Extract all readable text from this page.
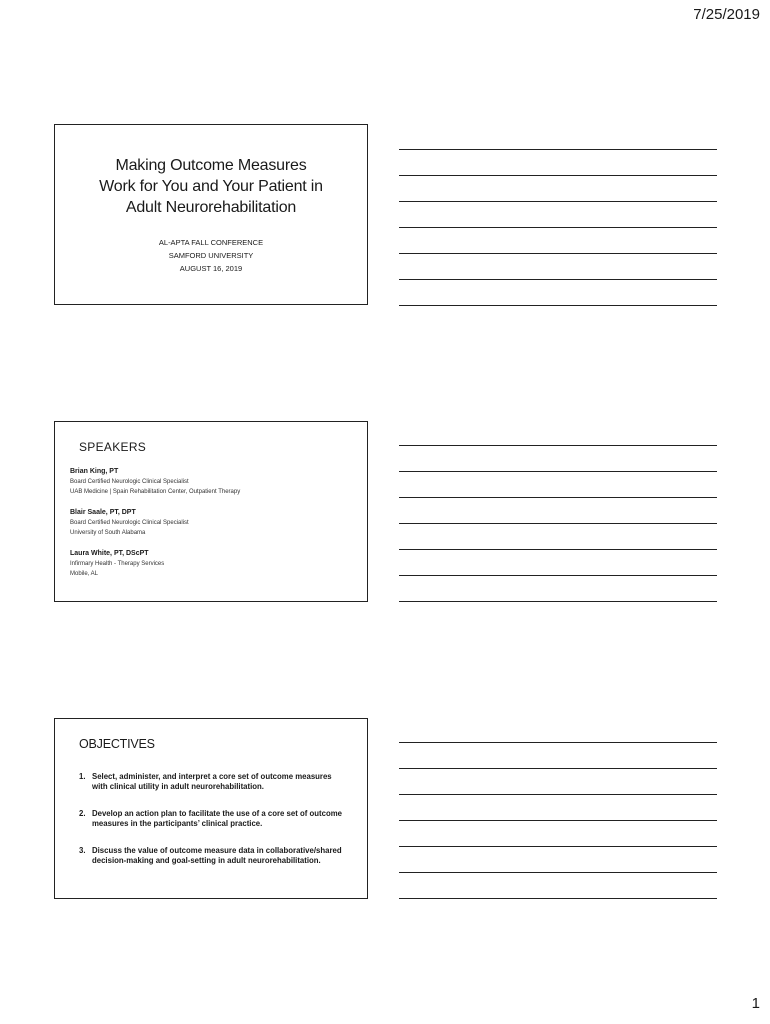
7/25/2019
Making Outcome Measures
Work for You and Your Patient in
Adult Neurorehabilitation
AL-APTA FALL CONFERENCE
SAMFORD UNIVERSITY
AUGUST 16, 2019
SPEAKERS
Brian King, PT
Board Certified Neurologic Clinical Specialist
UAB Medicine | Spain Rehabilitation Center, Outpatient Therapy
Blair Saale, PT, DPT
Board Certified Neurologic Clinical Specialist
University of South Alabama
Laura White, PT, DScPT
Infirmary Health - Therapy Services
Mobile, AL
OBJECTIVES
1. Select, administer, and interpret a core set of outcome measures with clinical utility in adult neurorehabilitation.
2. Develop an action plan to facilitate the use of a core set of outcome measures in the participants’ clinical practice.
3. Discuss the value of outcome measure data in collaborative/shared decision-making and goal-setting in adult neurorehabilitation.
1
